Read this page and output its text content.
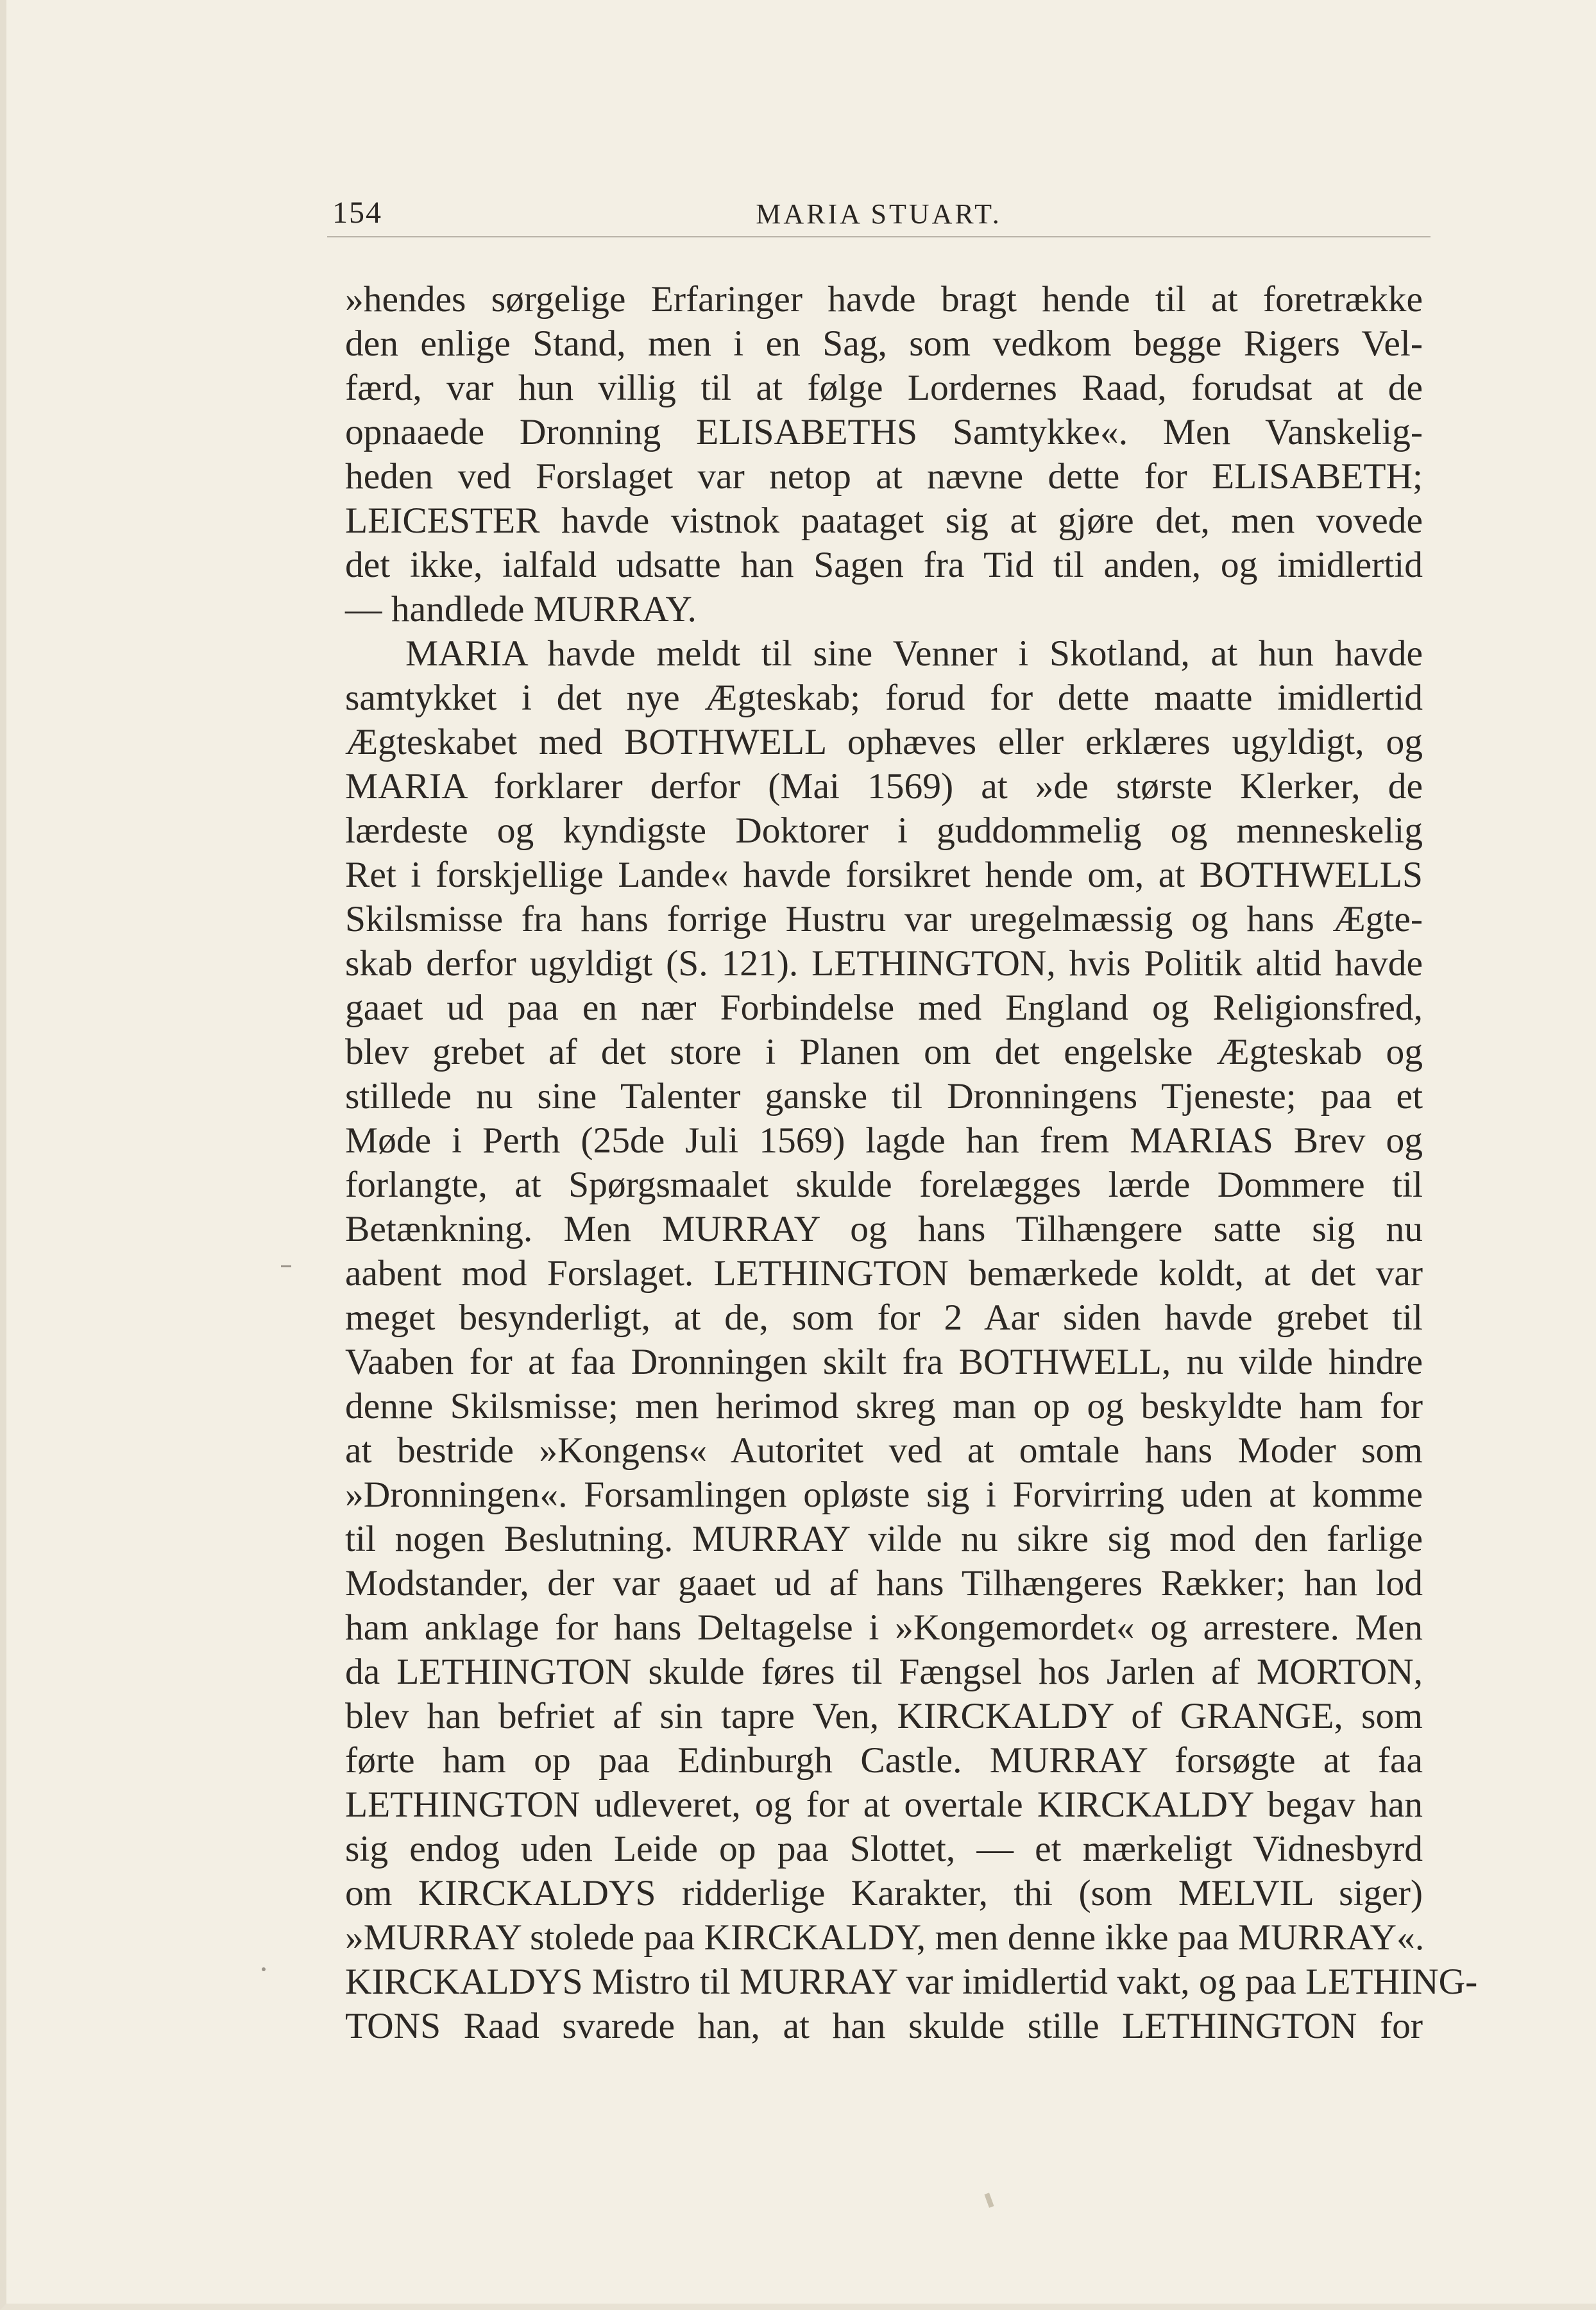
154	MARIA STUART.
»hendes sørgelige Erfaringer havde bragt hende til at foretrække
den enlige Stand, men i en Sag, som vedkom begge Rigers Vel-
færd, var hun villig til at følge Lordernes Raad, forudsat at de
opnaaede Dronning ELISABETHS Samtykke«. Men Vanskelig-
heden ved Forslaget var netop at nævne dette for ELISABETH;
LEICESTER havde vistnok paataget sig at gjøre det, men vovede
det ikke, ialfald udsatte han Sagen fra Tid til anden, og imidlertid
— handlede MURRAY.
MARIA havde meldt til sine Venner i Skotland, at hun havde
samtykket i det nye Ægteskab; forud for dette maatte imidlertid
Ægteskabet med BOTHWELL ophæves eller erklæres ugyldigt, og
MARIA forklarer derfor (Mai 1569) at »de største Klerker, de
lærdeste og kyndigste Doktorer i guddommelig og menneskelig
Ret i forskjellige Lande« havde forsikret hende om, at BOTHWELLS
Skilsmisse fra hans forrige Hustru var uregelmæssig og hans Ægte-
skab derfor ugyldigt (S. 121). LETHINGTON, hvis Politik altid havde
gaaet ud paa en nær Forbindelse med England og Religionsfred,
blev grebet af det store i Planen om det engelske Ægteskab og
stillede nu sine Talenter ganske til Dronningens Tjeneste; paa et
Møde i Perth (25de Juli 1569) lagde han frem MARIAS Brev og
forlangte, at Spørgsmaalet skulde forelægges lærde Dommere til
Betænkning. Men MURRAY og hans Tilhængere satte sig nu
aabent mod Forslaget. LETHINGTON bemærkede koldt, at det var
meget besynderligt, at de, som for 2 Aar siden havde grebet til
Vaaben for at faa Dronningen skilt fra BOTHWELL, nu vilde hindre
denne Skilsmisse; men herimod skreg man op og beskyldte ham for
at bestride »Kongens« Autoritet ved at omtale hans Moder som
»Dronningen«. Forsamlingen opløste sig i Forvirring uden at komme
til nogen Beslutning. MURRAY vilde nu sikre sig mod den farlige
Modstander, der var gaaet ud af hans Tilhængeres Rækker; han lod
ham anklage for hans Deltagelse i »Kongemordet« og arrestere. Men
da LETHINGTON skulde føres til Fængsel hos Jarlen af MORTON,
blev han befriet af sin tapre Ven, KIRCKALDY of GRANGE, som
førte ham op paa Edinburgh Castle. MURRAY forsøgte at faa
LETHINGTON udleveret, og for at overtale KIRCKALDY begav han
sig endog uden Leide op paa Slottet, — et mærkeligt Vidnesbyrd
om KIRCKALDYS ridderlige Karakter, thi (som MELVIL siger)
»MURRAY stolede paa KIRCKALDY, men denne ikke paa MURRAY«.
KIRCKALDYS Mistro til MURRAY var imidlertid vakt, og paa LETHING-
TONS Raad svarede han, at han skulde stille LETHINGTON for
